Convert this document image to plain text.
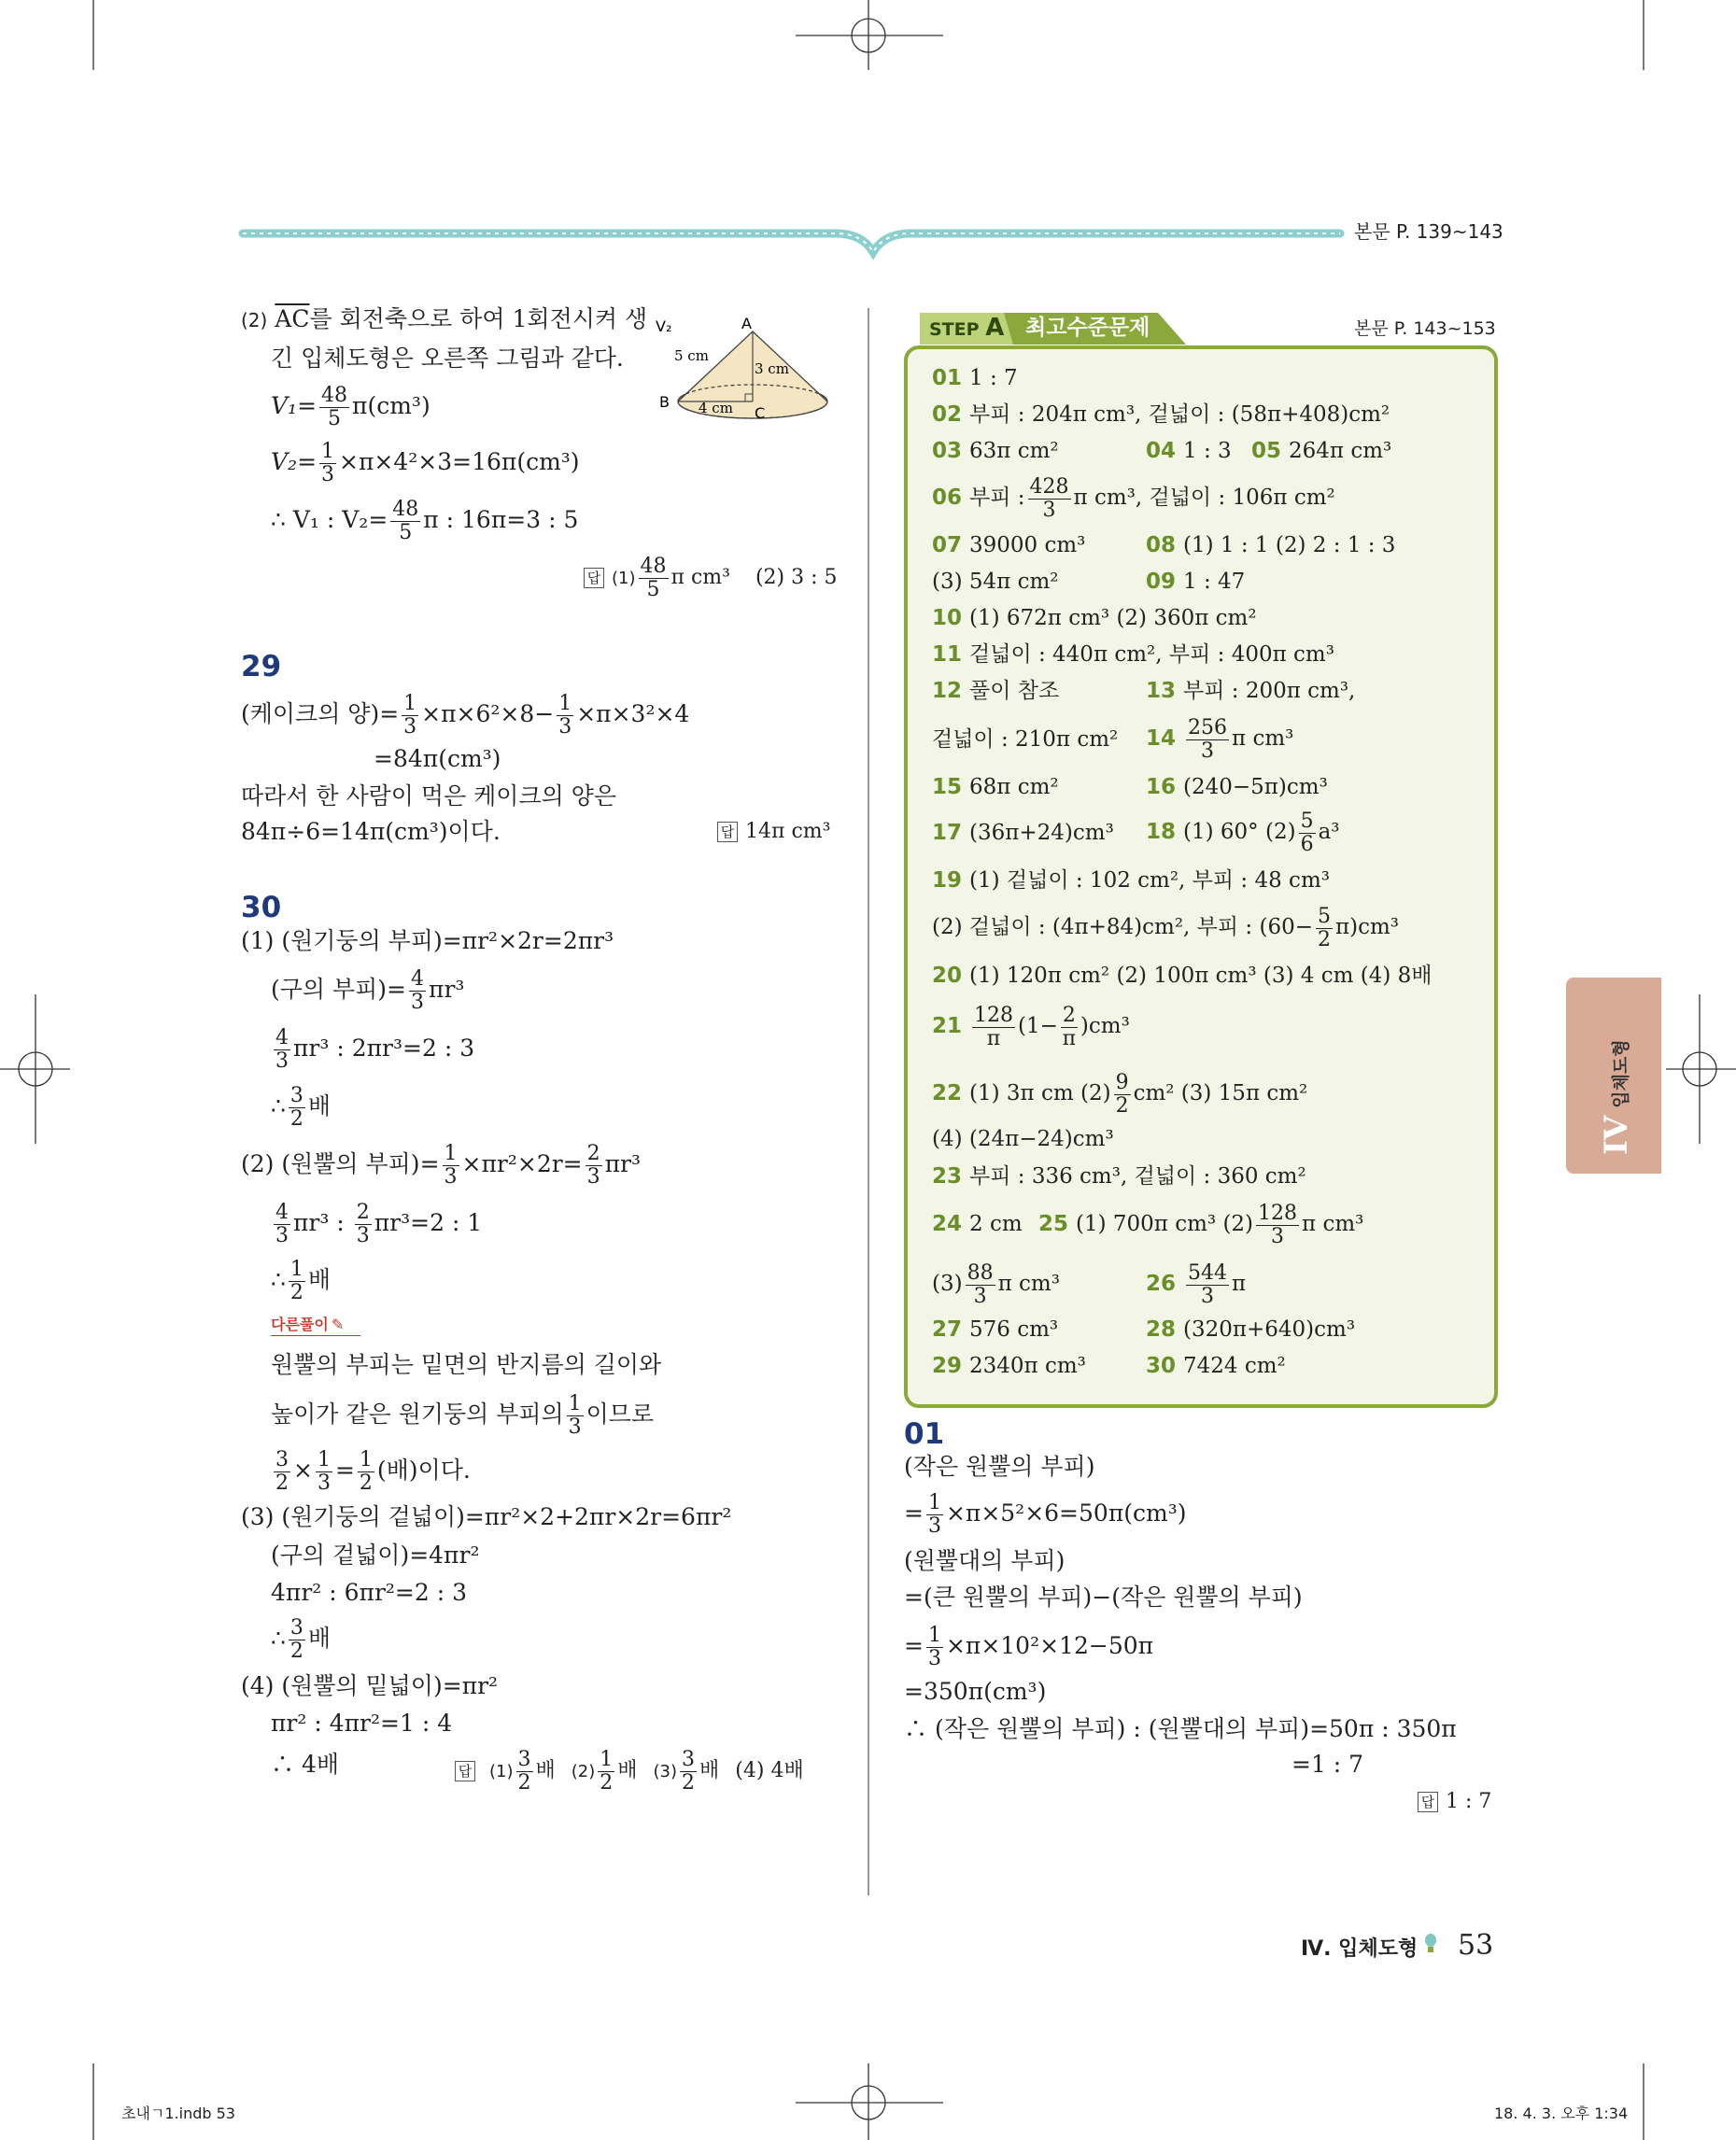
본문 P. 139~143
(2) $\overline{AC}$를 회전축으로 하여 1회전시켜 생
긴 입체도형은 오른쪽 그림과 같다.
$V_1= \frac{48}{5} \pi(cm^3)$
$V_2= \frac{1}{3} \times\pi\times 4^2\times 3=16\pi(cm^3)$
∴ V₁ : $V_2= \frac{48}{5}$ π : 16π=3 : 5
답 $(1) \frac{48}{5}$ π cm³ (2) 3 : 5
V₂	A
B
C
5 cm
3 cm
4 cm
29
(케이크의 양)= $\frac{1}{3} \times\pi\times 6^2\times 8- \frac{1}{3} \times\pi\times 3^2\times 4$
=84π(cm³)
따라서 한 사람이 먹은 케이크의 양은
84π÷6=14π(cm³)이다.	답 14π cm³
30
(1) (원기둥의 부피)=πr²×2r=2πr³
(구의 부피)= $\frac{4}{3} \pi r^3$
$\frac{4}{3} \pi r^3$ : 2πr³=2 : 3
∴ $\frac{3}{2}$ 배
(2) (원뿔의 부피)= $\frac{1}{3} \times\pi r^2\times 2r= \frac{2}{3} \pi r^3$
$\frac{4}{3} \pi r^3$ : $\frac{2}{3} \pi r^3=2$ : 1
∴ $\frac{1}{2}$ 배
다른풀이 ✎
원뿔의 부피는 밑면의 반지름의 길이와
높이가 같은 원기둥의 부피의 $\frac{1}{3}$ 이므로
$\frac{3}{2} \times \frac{1}{3} = \frac{1}{2}$ (배)이다.
(3) (원기둥의 겉넓이)=πr²×2+2πr×2r=6πr²
(구의 겉넓이)=4πr²
4πr² : 6πr²=2 : 3
∴ $\frac{3}{2}$ 배
(4) (원뿔의 밑넓이)=πr²
πr² : 4πr²=1 : 4
∴ 4배	답 $(1) \frac{3}{2}$ 배 $(2) \frac{1}{2}$ 배 $(3) \frac{3}{2}$ 배 (4) 4배
STEP A 최고수준문제	본문 P. 143~153
01 1 : 7
02 부피 : 204π cm³, 겉넓이 : (58π+408)cm²
03 63π cm²	04 1 : 3 05 264π cm³
06 부피 : $\frac{428}{3}$ π cm³, 겉넓이 : 106π cm²
07 39000 cm³	08 (1) 1 : 1 (2) 2 : 1 : 3
(3) 54π cm²	09 1 : 47
10 (1) 672π cm³ (2) 360π cm²
11 겉넓이 : 440π cm², 부피 : 400π cm³
12 풀이 참조	13 부피 : 200π cm³,
겉넓이 : 210π cm² $14 \frac{256}{3}$ π cm³
15 68π cm²	16 (240−5π)cm³
17 (36π+24)cm³ 18 (1) 60° $(2) \frac{5}{6} a^3$
19 (1) 겉넓이 : 102 cm², 부피 : 48 cm³
(2) 겉넓이 : (4π+84)cm², 부피 : $(60- \frac{5}{2} \pi)cm^3$
20 (1) 120π cm² (2) 100π cm³ (3) 4 cm (4) 8배
$21 \frac{128}{\pi} (1- \frac{2}{\pi} )cm^3$
22 (1) 3π cm $(2) \frac{9}{2} cm^2$ (3) 15π cm²
(4) (24π−24)cm³
23 부피 : 336 cm³, 겉넓이 : 360 cm²
24 2 cm 25 (1) 700π cm³ $(2) \frac{128}{3}$ π cm³
$(3) \frac{88}{3}$ π cm³	$26 \frac{544}{3}$ π
27 576 cm³	28 (320π+640)cm³
29 2340π cm³	30 7424 cm²
01
(작은 원뿔의 부피)
= $\frac{1}{3} \times\pi\times 5^2\times 6=50\pi(cm^3)$
(원뿔대의 부피)
=(큰 원뿔의 부피)−(작은 원뿔의 부피)
= $\frac{1}{3} \times\pi\times 10^2\times 12-50\pi$
=350π(cm³)
∴ (작은 원뿔의 부피) : (원뿔대의 부피)=50π : 350π
=1 : 7
답 1 : 7
IV입체도형
Ⅳ. 입체도형 53
초내ㄱ1.indb 53	18. 4. 3. 오후 1:34
